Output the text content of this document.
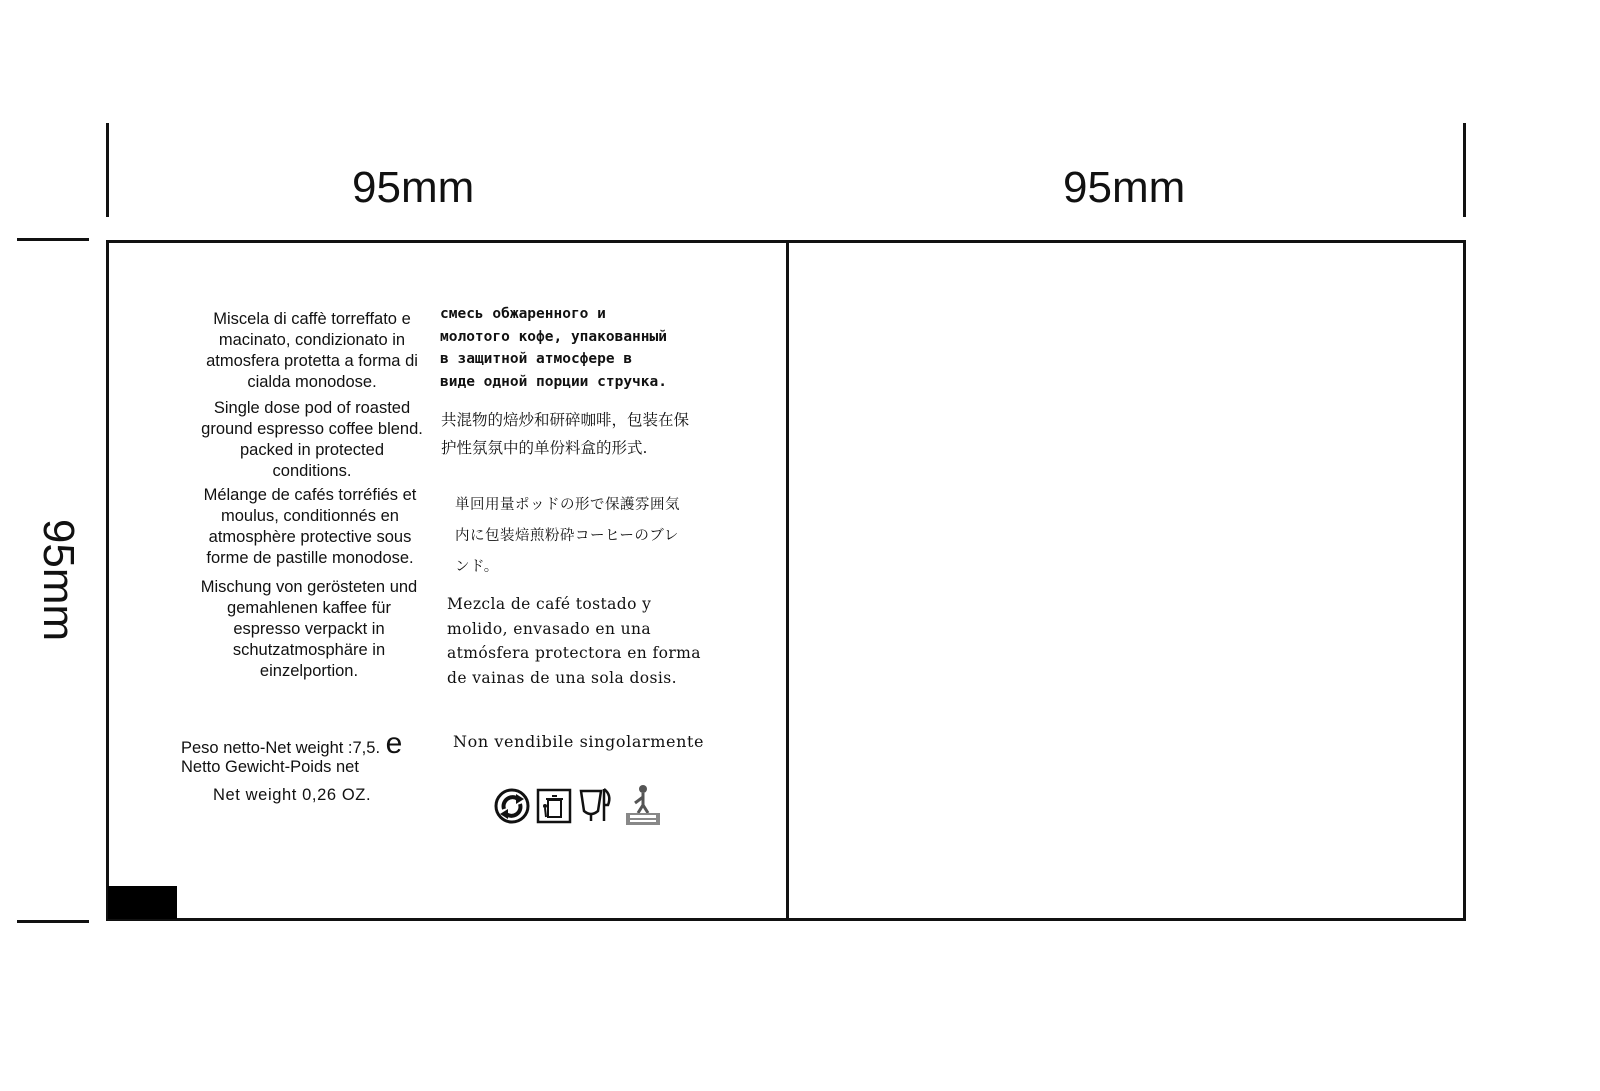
95mm	95mm
95mm
Miscela di caffè torreffato e
macinato, condizionato in
atmosfera protetta a forma di
cialda monodose.
Single dose pod of roasted
ground espresso coffee blend.
packed in protected
conditions.
Mélange de cafés torréfiés et
moulus, conditionnés en
atmosphère protective sous
forme de pastille monodose.
Mischung von gerösteten und
gemahlenen kaffee für
espresso verpackt in
schutzatmosphäre in
einzelportion.
смесь обжаренного и
молотого кофе, упакованный
в защитной атмосфере в
виде одной порции стручка.
共混物的焙炒和研碎咖啡，包装在保
护性氛氛中的单份料盒的形式.
単回用量ポッドの形で保護雰囲気
内に包装焙煎粉砕コーヒーのブレ
ンド。
Mezcla de café tostado y
molido, envasado en una
atmósfera protectora en forma
de vainas de una sola dosis.
Peso netto-Net weight :7,5. e
Netto Gewicht-Poids net
Net weight 0,26 OZ.
Non vendibile singolarmente
